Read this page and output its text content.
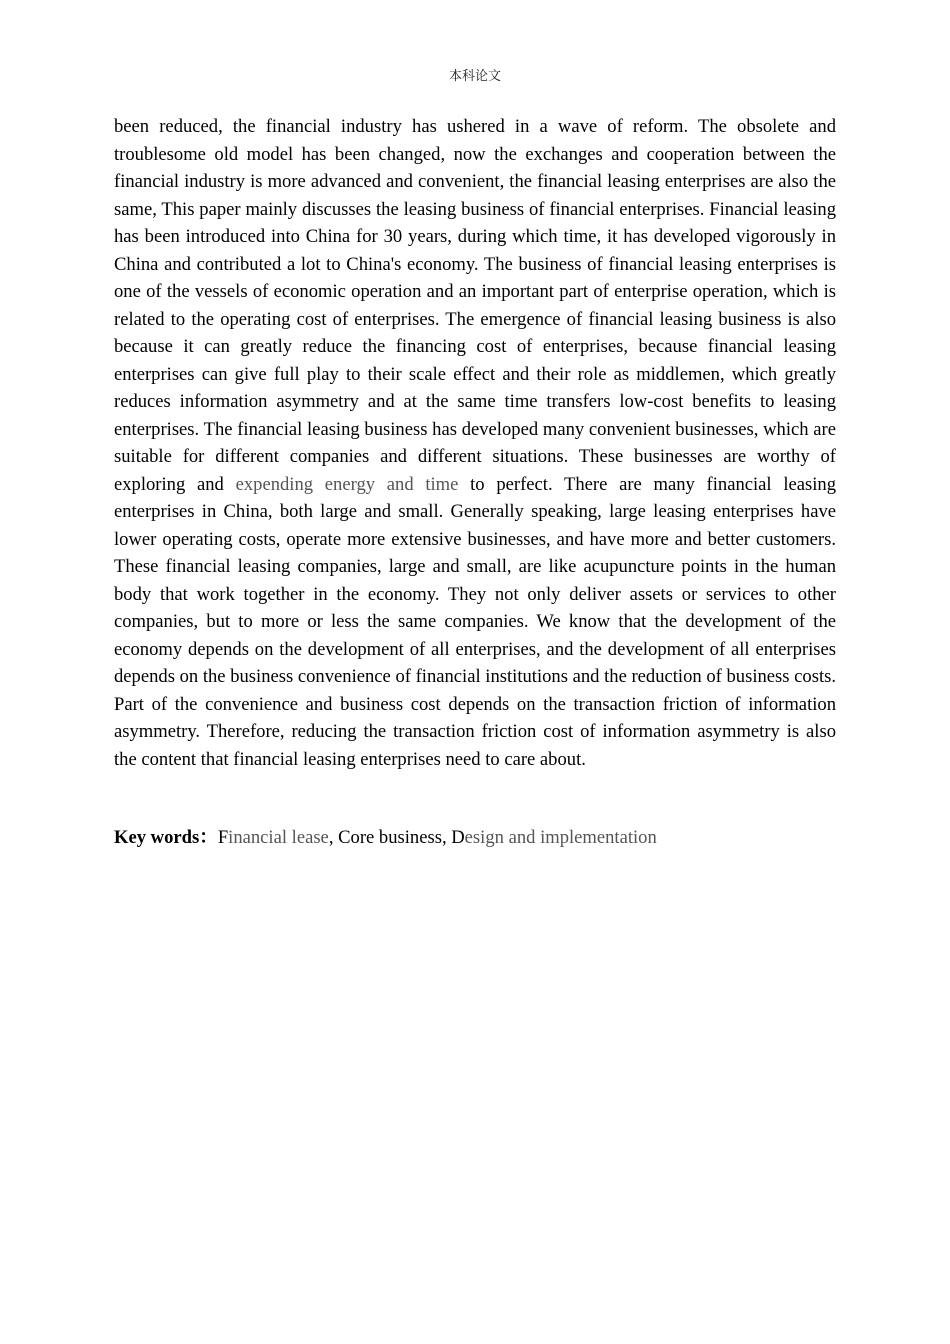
本科论文

been reduced, the financial industry has ushered in a wave of reform. The obsolete and troublesome old model has been changed, now the exchanges and cooperation between the financial industry is more advanced and convenient, the financial leasing enterprises are also the same, This paper mainly discusses the leasing business of financial enterprises. Financial leasing has been introduced into China for 30 years, during which time, it has developed vigorously in China and contributed a lot to China's economy. The business of financial leasing enterprises is one of the vessels of economic operation and an important part of enterprise operation, which is related to the operating cost of enterprises. The emergence of financial leasing business is also because it can greatly reduce the financing cost of enterprises, because financial leasing enterprises can give full play to their scale effect and their role as middlemen, which greatly reduces information asymmetry and at the same time transfers low-cost benefits to leasing enterprises. The financial leasing business has developed many convenient businesses, which are suitable for different companies and different situations. These businesses are worthy of exploring and expending energy and time to perfect. There are many financial leasing enterprises in China, both large and small. Generally speaking, large leasing enterprises have lower operating costs, operate more extensive businesses, and have more and better customers. These financial leasing companies, large and small, are like acupuncture points in the human body that work together in the economy. They not only deliver assets or services to other companies, but to more or less the same companies. We know that the development of the economy depends on the development of all enterprises, and the development of all enterprises depends on the business convenience of financial institutions and the reduction of business costs. Part of the convenience and business cost depends on the transaction friction of information asymmetry. Therefore, reducing the transaction friction cost of information asymmetry is also the content that financial leasing enterprises need to care about.

Key words：Financial lease, Core business, Design and implementation
